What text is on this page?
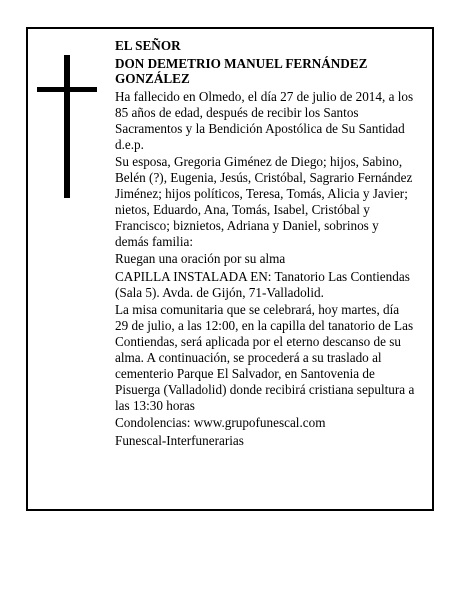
EL SEÑOR

DON DEMETRIO MANUEL FERNÁNDEZ GONZÁLEZ

Ha fallecido en Olmedo, el día 27 de julio de 2014, a los 85 años de edad, después de recibir los Santos Sacramentos y la Bendición Apostólica de Su Santidad d.e.p.

Su esposa, Gregoria Giménez de Diego; hijos, Sabino, Belén (?), Eugenia, Jesús, Cristóbal, Sagrario Fernández Jiménez; hijos políticos, Teresa, Tomás, Alicia y Javier; nietos, Eduardo, Ana, Tomás, Isabel, Cristóbal y Francisco; biznietos, Adriana y Daniel, sobrinos y demás familia:

Ruegan una oración por su alma

CAPILLA INSTALADA EN: Tanatorio Las Contiendas (Sala 5). Avda. de Gijón, 71-Valladolid.

La misa comunitaria que se celebrará, hoy martes, día 29 de julio, a las 12:00, en la capilla del tanatorio de Las Contiendas, será aplicada por el eterno descanso de su alma. A continuación, se procederá a su traslado al cementerio Parque El Salvador, en Santovenia de Pisuerga (Valladolid) donde recibirá cristiana sepultura a las 13:30 horas

Condolencias: www.grupofunescal.com

Funescal-Interfunerarias
